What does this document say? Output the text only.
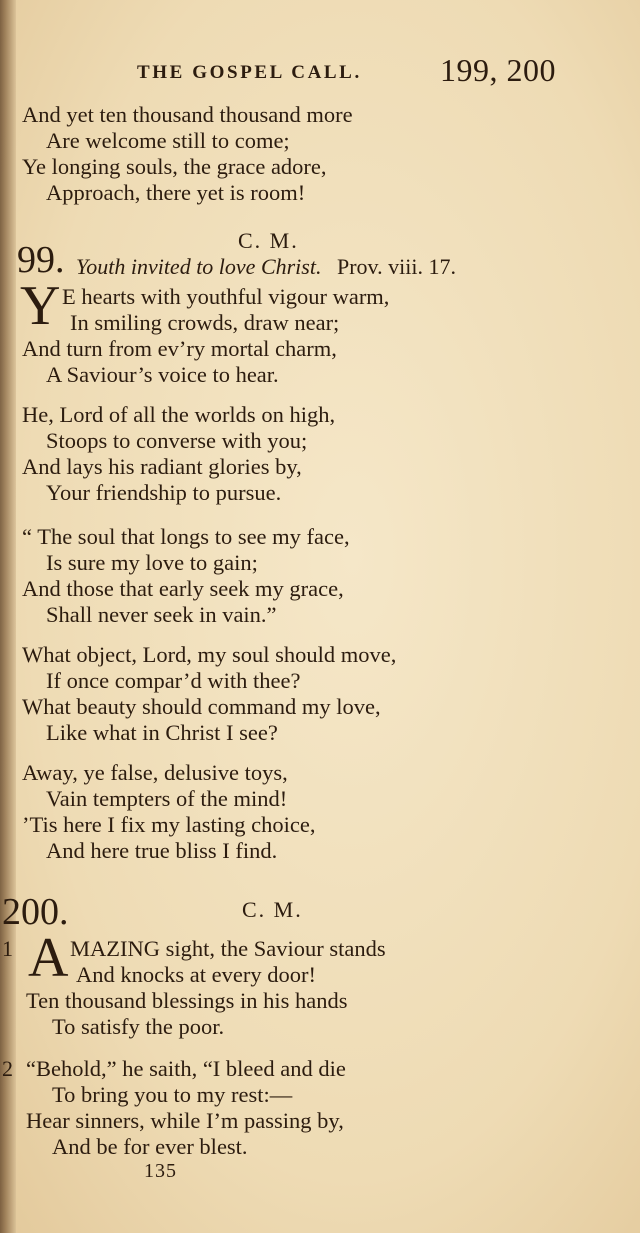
THE GOSPEL CALL. 199, 200
And yet ten thousand thousand more
Are welcome still to come;
Ye longing souls, the grace adore,
Approach, there yet is room!
C. M.
99. Youth invited to love Christ. Prov. viii. 17.
Y E hearts with youthful vigour warm,
In smiling crowds, draw near;
And turn from ev’ry mortal charm,
A Saviour’s voice to hear.
He, Lord of all the worlds on high,
Stoops to converse with you;
And lays his radiant glories by,
Your friendship to pursue.
“ The soul that longs to see my face,
Is sure my love to gain;
And those that early seek my grace,
Shall never seek in vain.”
What object, Lord, my soul should move,
If once compar’d with thee?
What beauty should command my love,
Like what in Christ I see?
Away, ye false, delusive toys,
Vain tempters of the mind!
’Tis here I fix my lasting choice,
And here true bliss I find.
200.	C. M.
1 A MAZING sight, the Saviour stands
And knocks at every door!
Ten thousand blessings in his hands
To satisfy the poor.
2 “Behold,” he saith, “I bleed and die
To bring you to my rest:—
Hear sinners, while I’m passing by,
And be for ever blest.
135
